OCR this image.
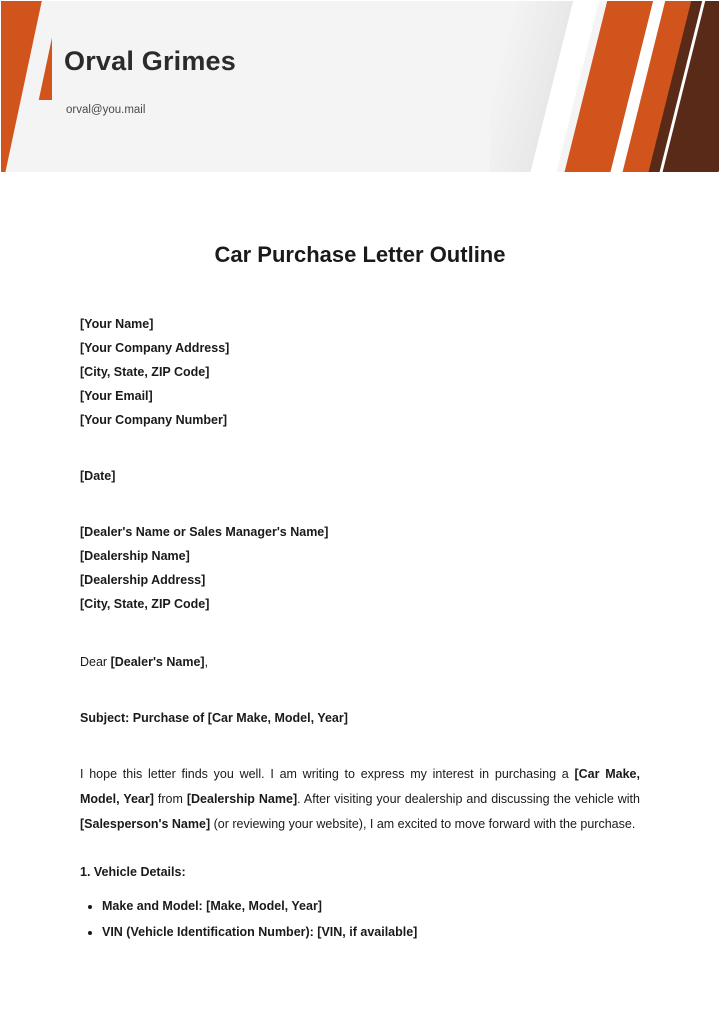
Orval Grimes
orval@you.mail
Car Purchase Letter Outline
[Your Name]
[Your Company Address]
[City, State, ZIP Code]
[Your Email]
[Your Company Number]
[Date]
[Dealer's Name or Sales Manager's Name]
[Dealership Name]
[Dealership Address]
[City, State, ZIP Code]
Dear [Dealer's Name],
Subject: Purchase of [Car Make, Model, Year]
I hope this letter finds you well. I am writing to express my interest in purchasing a [Car Make, Model, Year] from [Dealership Name]. After visiting your dealership and discussing the vehicle with [Salesperson's Name] (or reviewing your website), I am excited to move forward with the purchase.
1. Vehicle Details:
• Make and Model: [Make, Model, Year]
• VIN (Vehicle Identification Number): [VIN, if available]
